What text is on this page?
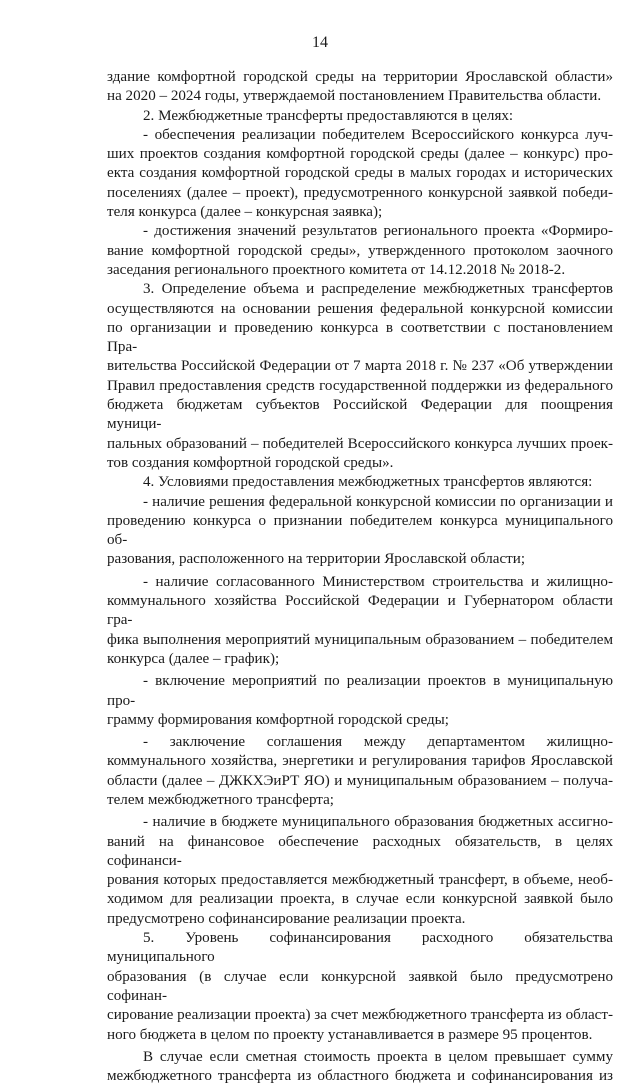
14

здание комфортной городской среды на территории Ярославской области»

на 2020 – 2024 годы, утверждаемой постановлением Правительства области.

2. Межбюджетные трансферты предоставляются в целях:

- обеспечения реализации победителем Всероссийского конкурса луч-

ших проектов создания комфортной городской среды (далее – конкурс) про-

екта создания комфортной городской среды в малых городах и исторических

поселениях (далее – проект), предусмотренного конкурсной заявкой победи-

теля конкурса (далее – конкурсная заявка);

- достижения значений результатов регионального проекта «Формиро-

вание комфортной городской среды», утвержденного протоколом заочного

заседания регионального проектного комитета от 14.12.2018 № 2018-2.

3. Определение объема и распределение межбюджетных трансфертов

осуществляются на основании решения федеральной конкурсной комиссии

по организации и проведению конкурса в соответствии с постановлением Пра-

вительства Российской Федерации от 7 марта 2018 г. № 237 «Об утверждении

Правил предоставления средств государственной поддержки из федерального

бюджета бюджетам субъектов Российской Федерации для поощрения муници-

пальных образований – победителей Всероссийского конкурса лучших проек-

тов создания комфортной городской среды».

4. Условиями предоставления межбюджетных трансфертов являются:

- наличие решения федеральной конкурсной комиссии по организации и

проведению конкурса о признании победителем конкурса муниципального об-

разования, расположенного на территории Ярославской области;

- наличие согласованного Министерством строительства и жилищно-

коммунального хозяйства Российской Федерации и Губернатором области гра-

фика выполнения мероприятий муниципальным образованием – победителем

конкурса (далее – график);

- включение мероприятий по реализации проектов в муниципальную про-

грамму формирования комфортной городской среды;

- заключение соглашения между департаментом жилищно-

коммунального хозяйства, энергетики и регулирования тарифов Ярославской

области (далее – ДЖКХЭиРТ ЯО) и муниципальным образованием – получа-

телем межбюджетного трансферта;

- наличие в бюджете муниципального образования бюджетных ассигно-

ваний на финансовое обеспечение расходных обязательств, в целях софинанси-

рования которых предоставляется межбюджетный трансферт, в объеме, необ-

ходимом для реализации проекта, в случае если конкурсной заявкой было

предусмотрено софинансирование реализации проекта.

5. Уровень софинансирования расходного обязательства муниципального

образования (в случае если конкурсной заявкой было предусмотрено софинан-

сирование реализации проекта) за счет межбюджетного трансферта из област-

ного бюджета в целом по проекту устанавливается в размере 95 процентов.

В случае если сметная стоимость проекта в целом превышает сумму

межбюджетного трансферта из областного бюджета и софинансирования из
